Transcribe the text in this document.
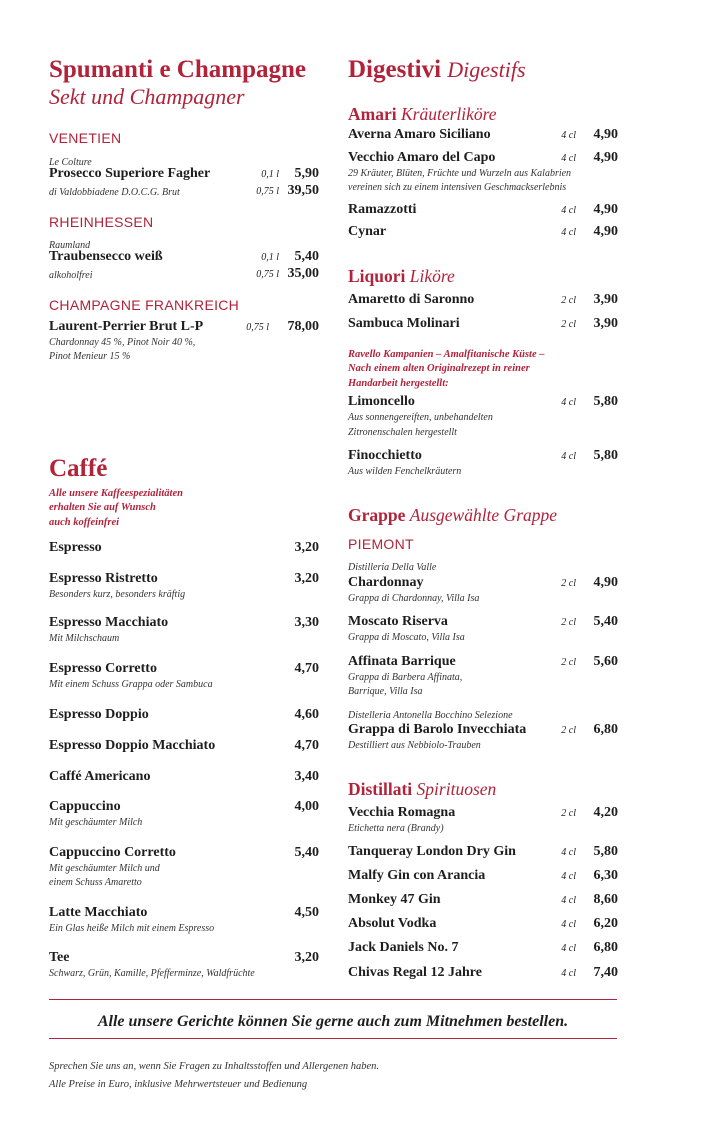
Spumanti e Champagne
Sekt und Champagner
VENETIEN
Le Colture
Prosecco Superiore Fagher	0,1 l 5,90
di Valdobbiadene D.O.C.G. Brut	0,75 l 39,50
RHEINHESSEN
Raumland
Traubensecco weiß	0,1 l 5,40
alkoholfrei	0,75 l 35,00
CHAMPAGNE FRANKREICH
Laurent-Perrier Brut L-P	0,75 l 78,00
Chardonnay 45 %, Pinot Noir 40 %,
Pinot Menieur 15 %
Caffé
Alle unsere Kaffeespezialitäten
erhalten Sie auf Wunsch
auch koffeinfrei
Espresso	3,20
Espresso Ristretto	3,20
Besonders kurz, besonders kräftig
Espresso Macchiato	3,30
Mit Milchschaum
Espresso Corretto	4,70
Mit einem Schuss Grappa oder Sambuca
Espresso Doppio	4,60
Espresso Doppio Macchiato	4,70
Caffé Americano	3,40
Cappuccino	4,00
Mit geschäumter Milch
Cappuccino Corretto	5,40
Mit geschäumter Milch und
einem Schuss Amaretto
Latte Macchiato	4,50
Ein Glas heiße Milch mit einem Espresso
Tee	3,20
Schwarz, Grün, Kamille, Pfefferminze, Waldfrüchte
Digestivi Digestifs
Amari Kräuterliköre
Averna Amaro Siciliano	4 cl 4,90
Vecchio Amaro del Capo	4 cl 4,90
29 Kräuter, Blüten, Früchte und Wurzeln aus Kalabrien
vereinen sich zu einem intensiven Geschmackserlebnis
Ramazzotti	4 cl 4,90
Cynar	4 cl 4,90
Liquori Liköre
Amaretto di Saronno	2 cl 3,90
Sambuca Molinari	2 cl 3,90
Ravello Kampanien – Amalfitanische Küste –
Nach einem alten Originalrezept in reiner
Handarbeit hergestellt:
Limoncello	4 cl 5,80
Aus sonnengereiften, unbehandelten
Zitronenschalen hergestellt
Finocchietto	4 cl 5,80
Aus wilden Fenchelkräutern
Grappe Ausgewählte Grappe
PIEMONT
Distilleria Della Valle
Chardonnay	2 cl 4,90
Grappa di Chardonnay, Villa Isa
Moscato Riserva	2 cl 5,40
Grappa di Moscato, Villa Isa
Affinata Barrique	2 cl 5,60
Grappa di Barbera Affinata,
Barrique, Villa Isa
Distelleria Antonella Bocchino Selezione
Grappa di Barolo Invecchiata	2 cl 6,80
Destilliert aus Nebbiolo-Trauben
Distillati Spirituosen
Vecchia Romagna	2 cl 4,20
Etichetta nera (Brandy)
Tanqueray London Dry Gin	4 cl 5,80
Malfy Gin con Arancia	4 cl 6,30
Monkey 47 Gin	4 cl 8,60
Absolut Vodka	4 cl 6,20
Jack Daniels No. 7	4 cl 6,80
Chivas Regal 12 Jahre	4 cl 7,40
Alle unsere Gerichte können Sie gerne auch zum Mitnehmen bestellen.
Sprechen Sie uns an, wenn Sie Fragen zu Inhaltsstoffen und Allergenen haben.
Alle Preise in Euro, inklusive Mehrwertsteuer und Bedienung
